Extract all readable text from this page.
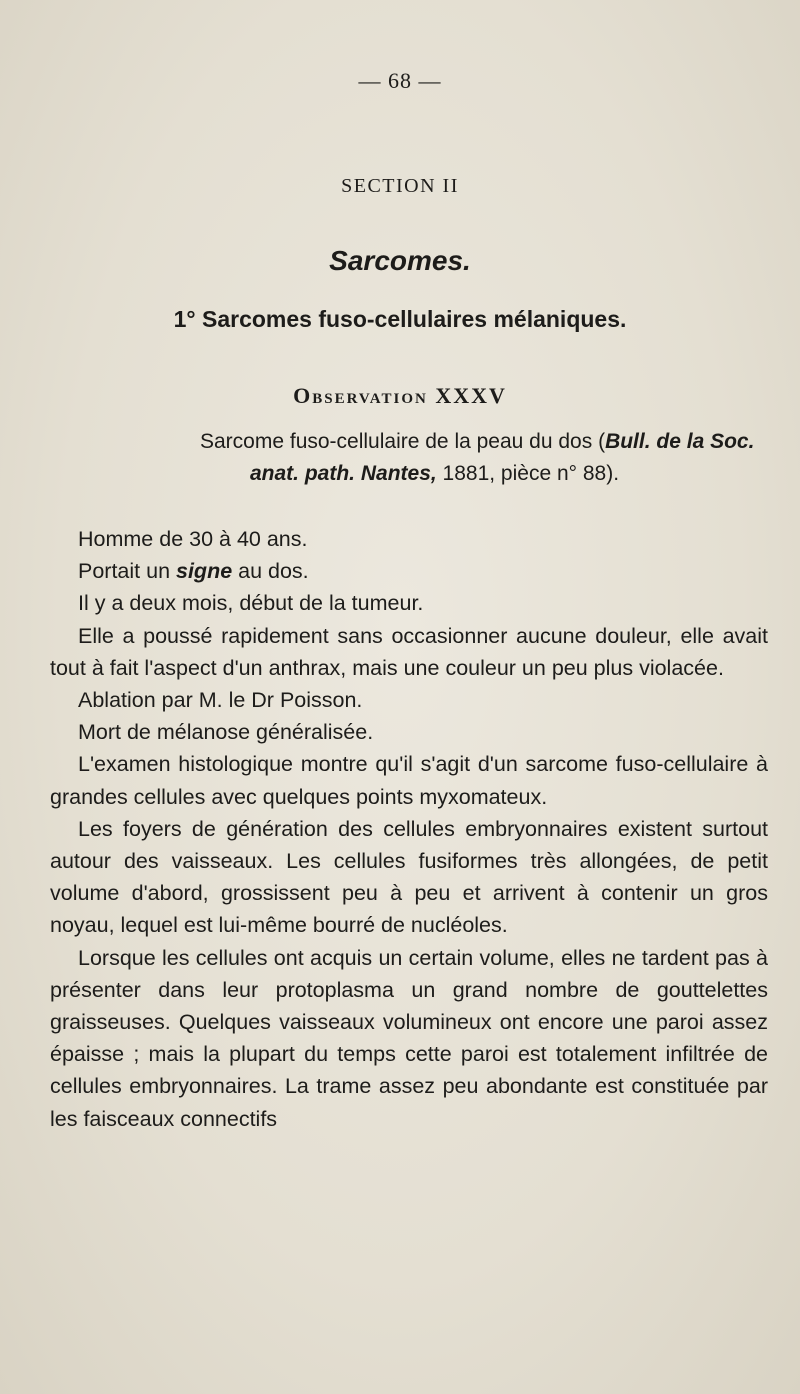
— 68 —
SECTION II
Sarcomes.
1° Sarcomes fuso-cellulaires mélaniques.
Observation XXXV
Sarcome fuso-cellulaire de la peau du dos (Bull. de la Soc. anat. path. Nantes, 1881, pièce n° 88).

Homme de 30 à 40 ans.

Portait un signe au dos.

Il y a deux mois, début de la tumeur.

Elle a poussé rapidement sans occasionner aucune douleur, elle avait tout à fait l'aspect d'un anthrax, mais une couleur un peu plus violacée.

Ablation par M. le Dr Poisson.

Mort de mélanose généralisée.

L'examen histologique montre qu'il s'agit d'un sarcome fuso-cellulaire à grandes cellules avec quelques points myxomateux.

Les foyers de génération des cellules embryonnaires existent surtout autour des vaisseaux. Les cellules fusiformes très allongées, de petit volume d'abord, grossissent peu à peu et arrivent à contenir un gros noyau, lequel est lui-même bourré de nucléoles.

Lorsque les cellules ont acquis un certain volume, elles ne tardent pas à présenter dans leur protoplasma un grand nombre de gouttelettes graisseuses. Quelques vaisseaux volumineux ont encore une paroi assez épaisse ; mais la plupart du temps cette paroi est totalement infiltrée de cellules embryonnaires. La trame assez peu abondante est constituée par les faisceaux connectifs
